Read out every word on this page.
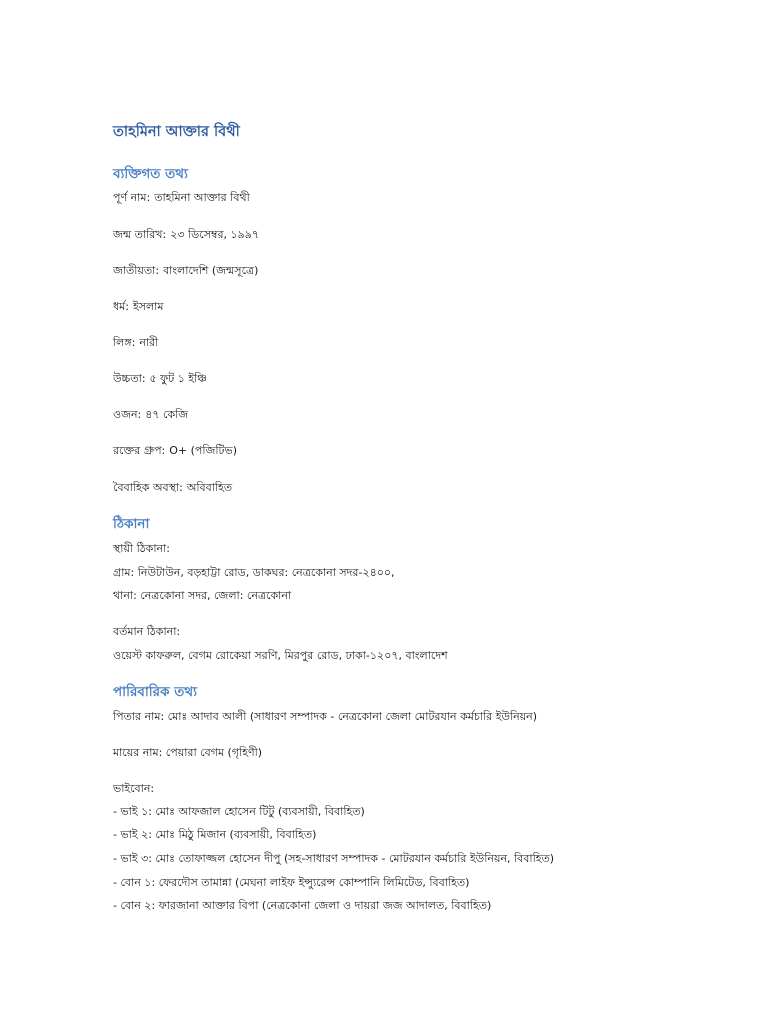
তাহমিনা আক্তার বিথী
ব্যক্তিগত তথ্য
পূর্ণ নাম: তাহমিনা আক্তার বিথী
জন্ম তারিখ: ২৩ ডিসেম্বর, ১৯৯৭
জাতীয়তা: বাংলাদেশি (জন্মসূত্রে)
ধর্ম: ইসলাম
লিঙ্গ: নারী
উচ্চতা: ৫ ফুট ১ ইঞ্চি
ওজন: ৪৭ কেজি
রক্তের গ্রুপ: O+ (পজিটিভ)
বৈবাহিক অবস্থা: অবিবাহিত
ঠিকানা
স্থায়ী ঠিকানা:
গ্রাম: নিউটাউন, বড়হাট্টা রোড, ডাকঘর: নেত্রকোনা সদর-২৪০০,
থানা: নেত্রকোনা সদর, জেলা: নেত্রকোনা
বর্তমান ঠিকানা:
ওয়েস্ট কাফরুল, বেগম রোকেয়া সরণি, মিরপুর রোড, ঢাকা-১২০৭, বাংলাদেশ
পারিবারিক তথ্য
পিতার নাম: মোঃ আদাব আলী (সাধারণ সম্পাদক - নেত্রকোনা জেলা মোটরযান কর্মচারি ইউনিয়ন)
মায়ের নাম: পেয়ারা বেগম (গৃহিণী)
ভাইবোন:
- ভাই ১: মোঃ আফজাল হোসেন টিটু (ব্যবসায়ী, বিবাহিত)
- ভাই ২: মোঃ মিঠু মিজান (ব্যবসায়ী, বিবাহিত)
- ভাই ৩: মোঃ তোফাজ্জল হোসেন দীপু (সহ-সাধারণ সম্পাদক - মোটরযান কর্মচারি ইউনিয়ন, বিবাহিত)
- বোন ১: ফেরদৌস তামান্না (মেঘনা লাইফ ইন্স্যুরেন্স কোম্পানি লিমিটেড, বিবাহিত)
- বোন ২: ফারজানা আক্তার বিপা (নেত্রকোনা জেলা ও দায়রা জজ আদালত, বিবাহিত)
